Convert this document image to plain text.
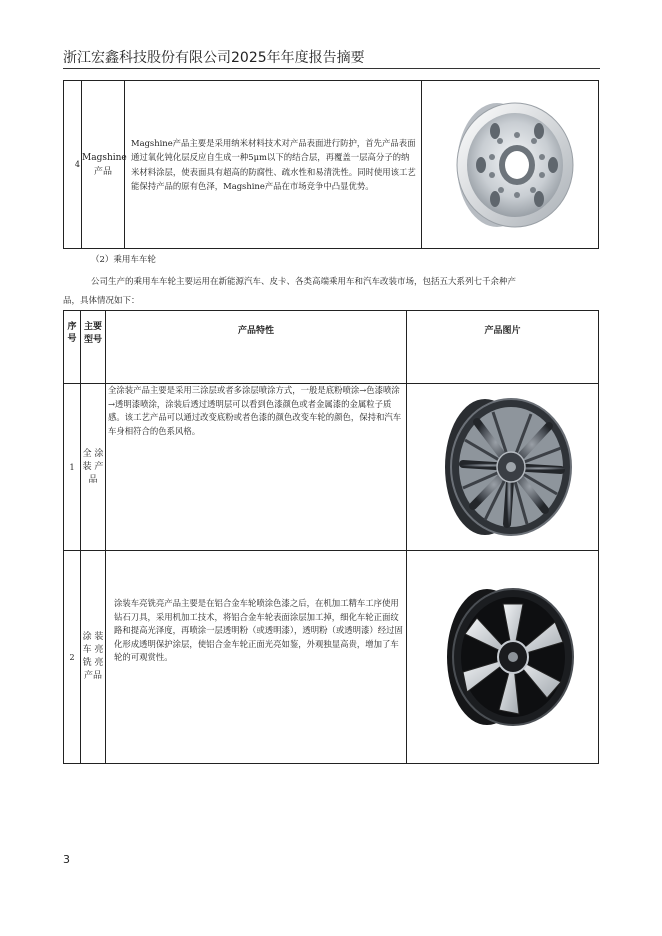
浙江宏鑫科技股份有限公司2025年年度报告摘要
4	Magshine产品	Magshine产品主要是采用纳米材料技术对产品表面进行防护，首先产品表面通过氧化钝化层反应自生成一种5μm以下的结合层，再覆盖一层高分子的纳米材料涂层，使表面具有超高的防腐性、疏水性和易清洗性。同时使用该工艺能保持产品的原有色泽，Magshine产品在市场竞争中凸显优势。	
（2）乘用车车轮
公司生产的乘用车车轮主要运用在新能源汽车、皮卡、各类高端乘用车和汽车改装市场，包括五大系列七千余种产
品，具体情况如下：
序号	主要型号	产品特性	产品图片
1	全 涂
装 产
品	全涂装产品主要是采用三涂层或者多涂层喷涂方式，一般是底粉喷涂→色漆喷涂→透明漆喷涂，涂装后透过透明层可以看到色漆颜色或者金属漆的金属粒子质感。该工艺产品可以通过改变底粉或者色漆的颜色改变车轮的颜色，保持和汽车车身相符合的色系风格。	

2	涂 装
车 亮
铣 亮
产品	涂装车亮铣亮产品主要是在铝合金车轮喷涂色漆之后，在机加工精车工序使用钻石刀具，采用机加工技术，将铝合金车轮表面涂层加工掉，细化车轮正面纹路和提高光泽度，再喷涂一层透明粉（或透明漆），透明粉（或透明漆）经过固化形成透明保护涂层，使铝合金车轮正面光亮如鉴，外观独显高贵，增加了车轮的可观赏性。	
3
